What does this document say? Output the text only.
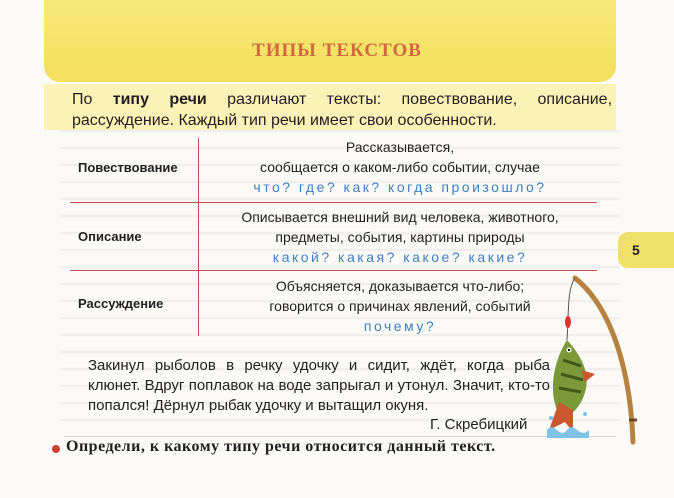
ТИПЫ ТЕКСТОВ
По типу речи различают тексты: повествование, описание, рассуждение. Каждый тип речи имеет свои особенности.
Повествование
Рассказывается,
сообщается о каком-либо событии, случае
что? где? как? когда произошло?
Описание
Описывается внешний вид человека, животного,
предметы, события, картины природы
какой? какая? какое? какие?
Рассуждение
Объясняется, доказывается что-либо;
говорится о причинах явлений, событий
почему?
5
Закинул рыболов в речку удочку и сидит, ждёт, когда рыба клюнет. Вдруг поплавок на воде запрыгал и утонул. Значит, кто-то попался! Дёрнул рыбак удочку и вытащил окуня.
Г. Скребицкий
Определи, к какому типу речи относится данный текст.
